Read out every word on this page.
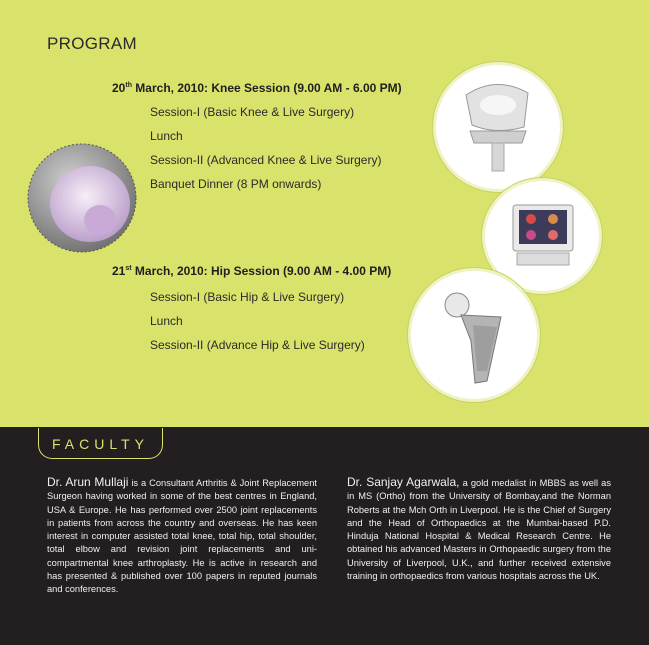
PROGRAM
20th March, 2010: Knee Session (9.00 AM - 6.00 PM)
Session-I (Basic Knee & Live Surgery)
Lunch
Session-II (Advanced Knee & Live Surgery)
Banquet Dinner (8 PM onwards)
21st March, 2010: Hip Session (9.00 AM - 4.00 PM)
Session-I (Basic Hip & Live Surgery)
Lunch
Session-II (Advance Hip & Live Surgery)
FACULTY
Dr. Arun Mullaji is a Consultant Arthritis & Joint Replacement Surgeon having worked in some of the best centres in England, USA & Europe. He has performed over 2500 joint replacements in patients from across the country and overseas. He has keen interest in computer assisted total knee, total hip, total shoulder, total elbow and revision joint replacements and uni-compartmental knee arthroplasty. He is active in research and has presented & published over 100 papers in reputed journals and conferences.
Dr. Sanjay Agarwala, a gold medalist in MBBS as well as in MS (Ortho) from the University of Bombay,and the Norman Roberts at the Mch Orth in Liverpool. He is the Chief of Surgery and the Head of Orthopaedics at the Mumbai-based P.D. Hinduja National Hospital & Medical Research Centre. He obtained his advanced Masters in Orthopaedic surgery from the University of Liverpool, U.K., and further received extensive training in orthopaedics from various hospitals across the UK.
